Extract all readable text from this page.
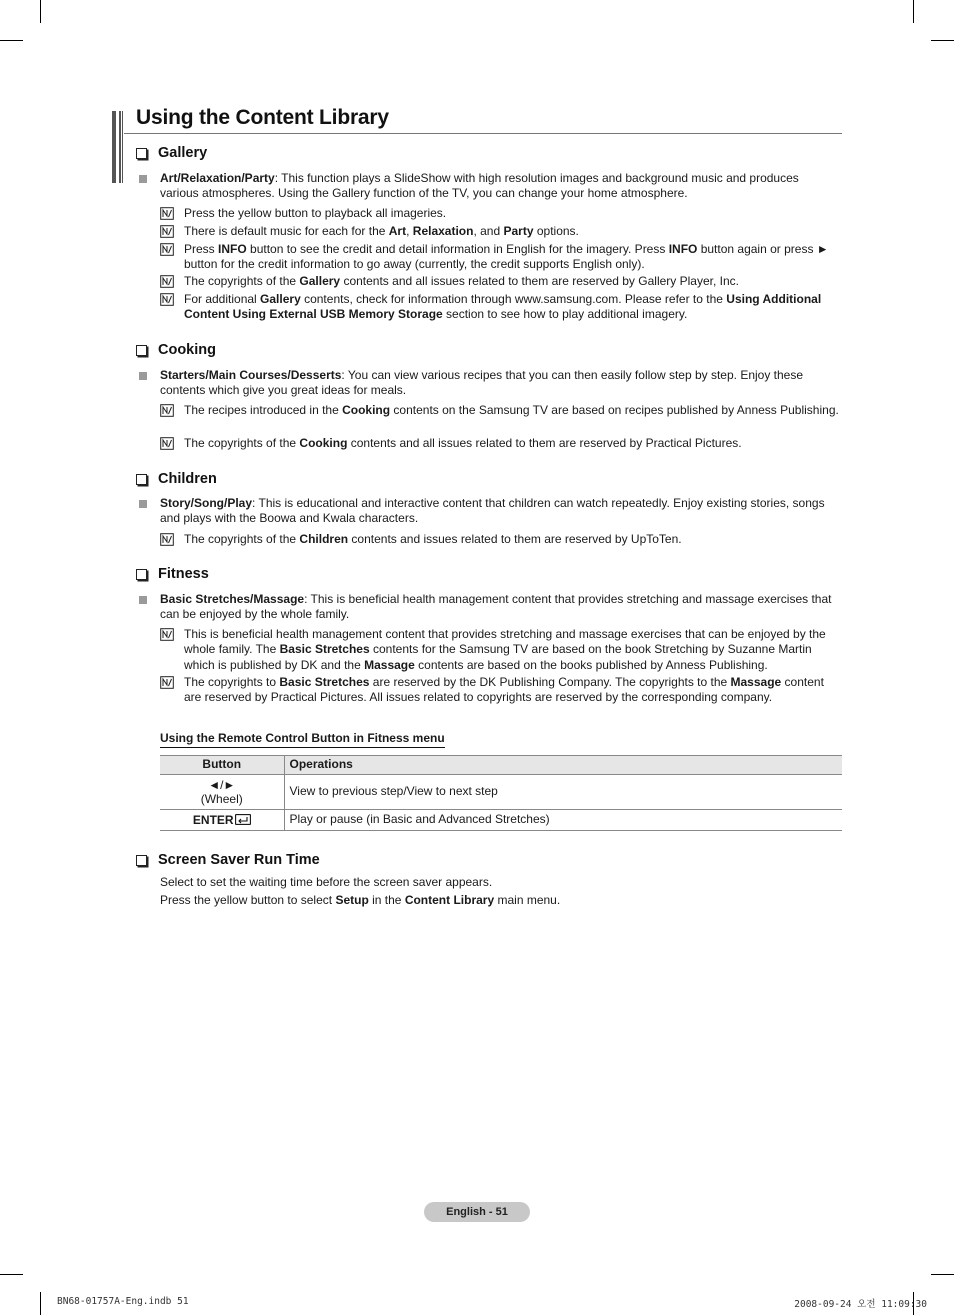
Using the Content Library
Gallery

Art/Relaxation/Party: This function plays a SlideShow with high resolution images and background music and produces various atmospheres. Using the Gallery function of the TV, you can change your home atmosphere.

Press the yellow button to playback all imageries.

There is default music for each for the Art, Relaxation, and Party options.

Press INFO button to see the credit and detail information in English for the imagery. Press INFO button again or press ► button for the credit information to go away (currently, the credit supports English only).

The copyrights of the Gallery contents and all issues related to them are reserved by Gallery Player, Inc.

For additional Gallery contents, check for information through www.samsung.com. Please refer to the Using Additional Content Using External USB Memory Storage section to see how to play additional imagery.

Cooking

Starters/Main Courses/Desserts: You can view various recipes that you can then easily follow step by step. Enjoy these contents which give you great ideas for meals.

The recipes introduced in the Cooking contents on the Samsung TV are based on recipes published by Anness Publishing.

The copyrights of the Cooking contents and all issues related to them are reserved by Practical Pictures.

Children

Story/Song/Play: This is educational and interactive content that children can watch repeatedly. Enjoy existing stories, songs and plays with the Boowa and Kwala characters.

The copyrights of the Children contents and issues related to them are reserved by UpToTen.

Fitness

Basic Stretches/Massage: This is beneficial health management content that provides stretching and massage exercises that can be enjoyed by the whole family.

This is beneficial health management content that provides stretching and massage exercises that can be enjoyed by the whole family. The Basic Stretches contents for the Samsung TV are based on the book Stretching by Suzanne Martin which is published by DK and the Massage contents are based on the books published by Anness Publishing.

The copyrights to Basic Stretches are reserved by the DK Publishing Company. The copyrights to the Massage content are reserved by Practical Pictures. All issues related to copyrights are reserved by the corresponding company.

Using the Remote Control Button in Fitness menu
Button	Operations

◄/►
(Wheel)	View to previous step/View to next step
ENTER	Play or pause (in Basic and Advanced Stretches)
Screen Saver Run Time

Select to set the waiting time before the screen saver appears.

Press the yellow button to select Setup in the Content Library main menu.

English - 51
BN68-01757A-Eng.indb 51	2008-09-24 오전 11:09:30
